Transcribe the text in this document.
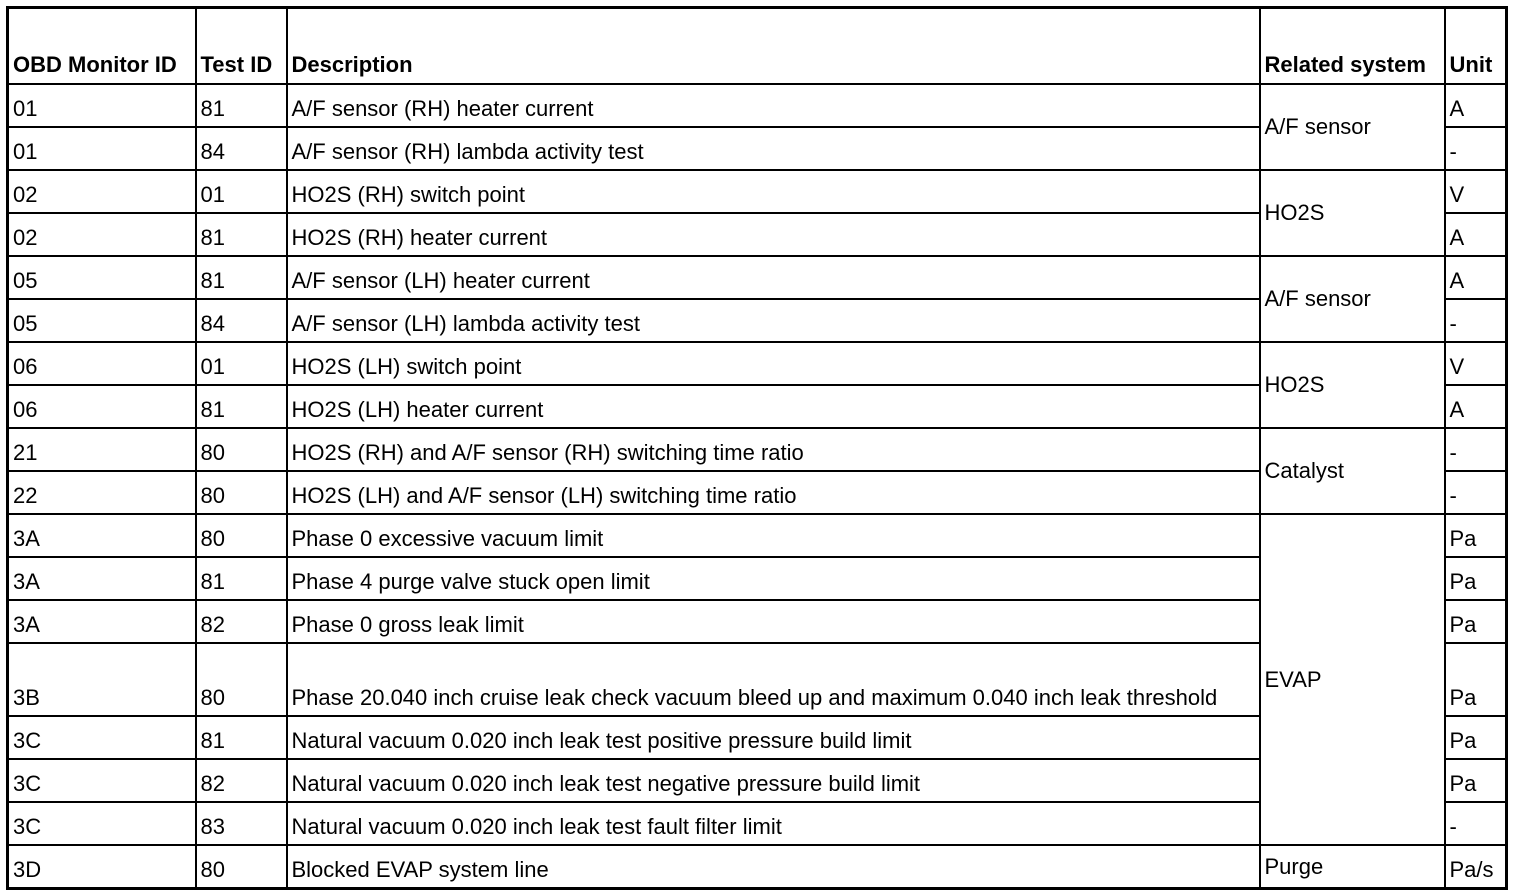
OBD Monitor ID	Test ID	Description	Related system	Unit
01	81	A/F sensor (RH) heater current	A/F sensor	A
01	84	A/F sensor (RH) lambda activity test		-
02	01	HO2S (RH) switch point	HO2S	V
02	81	HO2S (RH) heater current		A
05	81	A/F sensor (LH) heater current	A/F sensor	A
05	84	A/F sensor (LH) lambda activity test		-
06	01	HO2S (LH) switch point	HO2S	V
06	81	HO2S (LH) heater current		A
21	80	HO2S (RH) and A/F sensor (RH) switching time ratio	Catalyst	-
22	80	HO2S (LH) and A/F sensor (LH) switching time ratio		-
3A	80	Phase 0 excessive vacuum limit	EVAP	Pa
3A	81	Phase 4 purge valve stuck open limit		Pa
3A	82	Phase 0 gross leak limit		Pa
3B	80	Phase 20.040 inch cruise leak check vacuum bleed up and maximum 0.040 inch leak threshold		Pa
3C	81	Natural vacuum 0.020 inch leak test positive pressure build limit		Pa
3C	82	Natural vacuum 0.020 inch leak test negative pressure build limit		Pa
3C	83	Natural vacuum 0.020 inch leak test fault filter limit		-
3D	80	Blocked EVAP system line	Purge	Pa/s
